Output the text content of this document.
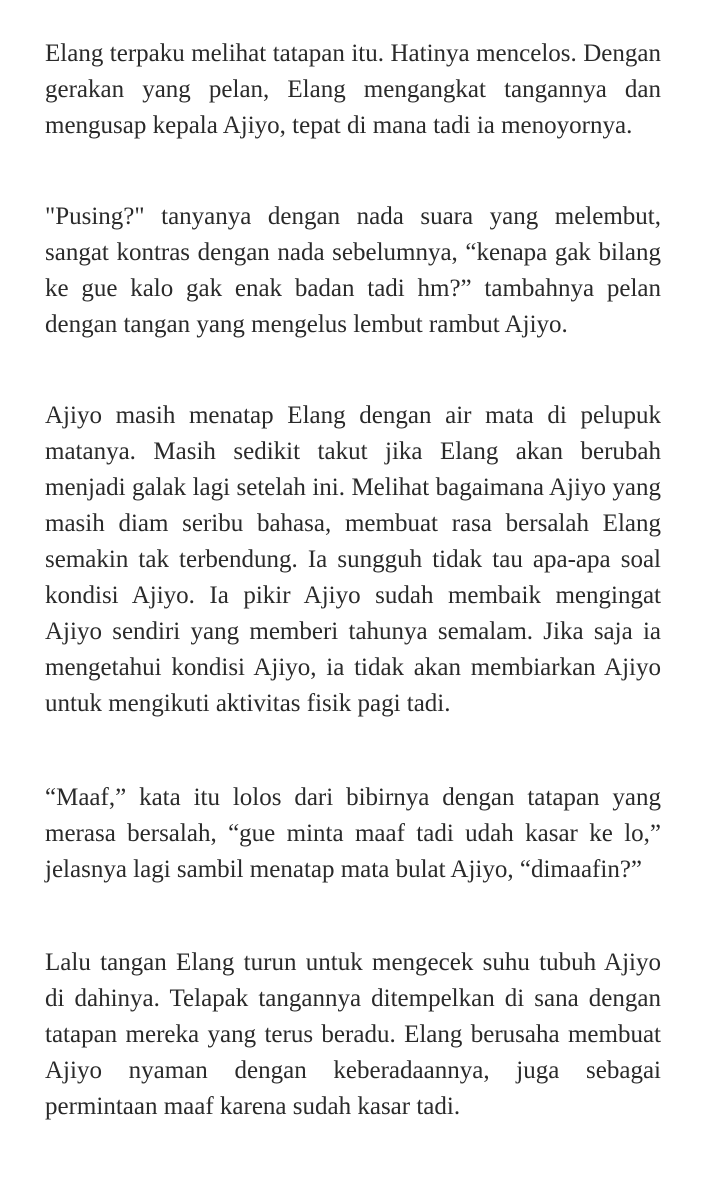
Elang terpaku melihat tatapan itu. Hatinya mencelos. Dengan gerakan yang pelan, Elang mengangkat tangannya dan mengusap kepala Ajiyo, tepat di mana tadi ia menoyornya.

"Pusing?" tanyanya dengan nada suara yang melembut, sangat kontras dengan nada sebelumnya, “kenapa gak bilang ke gue kalo gak enak badan tadi hm?” tambahnya pelan dengan tangan yang mengelus lembut rambut Ajiyo.

Ajiyo masih menatap Elang dengan air mata di pelupuk matanya. Masih sedikit takut jika Elang akan berubah menjadi galak lagi setelah ini. Melihat bagaimana Ajiyo yang masih diam seribu bahasa, membuat rasa bersalah Elang semakin tak terbendung. Ia sungguh tidak tau apa-apa soal kondisi Ajiyo. Ia pikir Ajiyo sudah membaik mengingat Ajiyo sendiri yang memberi tahunya semalam. Jika saja ia mengetahui kondisi Ajiyo, ia tidak akan membiarkan Ajiyo untuk mengikuti aktivitas fisik pagi tadi.

“Maaf,” kata itu lolos dari bibirnya dengan tatapan yang merasa bersalah, “gue minta maaf tadi udah kasar ke lo,” jelasnya lagi sambil menatap mata bulat Ajiyo, “dimaafin?”

Lalu tangan Elang turun untuk mengecek suhu tubuh Ajiyo di dahinya. Telapak tangannya ditempelkan di sana dengan tatapan mereka yang terus beradu. Elang berusaha membuat Ajiyo nyaman dengan keberadaannya, juga sebagai permintaan maaf karena sudah kasar tadi.
